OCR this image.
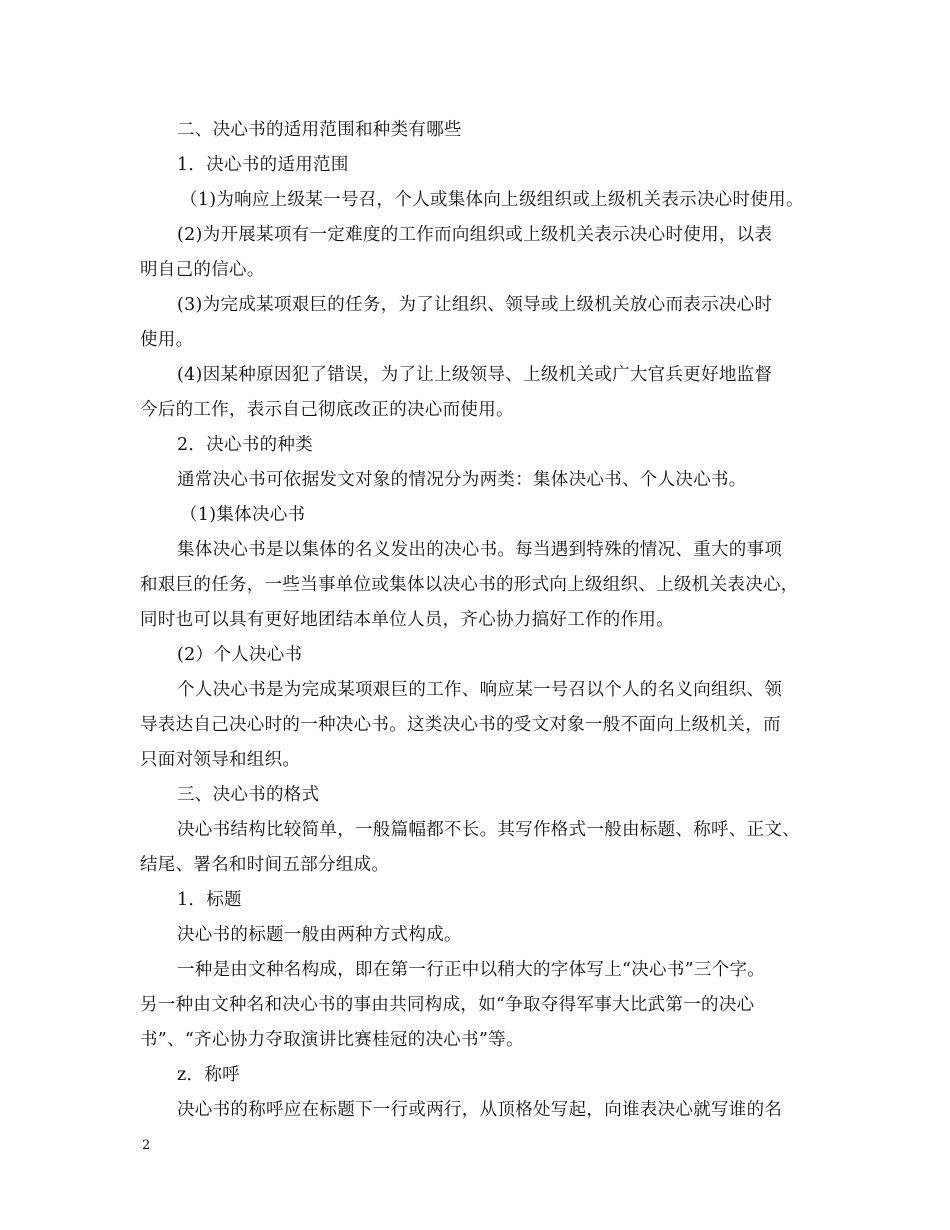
二、决心书的适用范围和种类有哪些
1．决心书的适用范围
（1)为响应上级某一号召，个人或集体向上级组织或上级机关表示决心时使用。
(2)为开展某项有一定难度的工作而向组织或上级机关表示决心时使用，以表
明自己的信心。
(3)为完成某项艰巨的任务，为了让组织、领导或上级机关放心而表示决心时
使用。
(4)因某种原因犯了错误，为了让上级领导、上级机关或广大官兵更好地监督
今后的工作，表示自己彻底改正的决心而使用。
2．决心书的种类
通常决心书可依据发文对象的情况分为两类：集体决心书、个人决心书。
（1)集体决心书
集体决心书是以集体的名义发出的决心书。每当遇到特殊的情况、重大的事项
和艰巨的任务，一些当事单位或集体以决心书的形式向上级组织、上级机关表决心，
同时也可以具有更好地团结本单位人员，齐心协力搞好工作的作用。
(2）个人决心书
个人决心书是为完成某项艰巨的工作、响应某一号召以个人的名义向组织、领
导表达自己决心时的一种决心书。这类决心书的受文对象一般不面向上级机关，而
只面对领导和组织。
三、决心书的格式
决心书结构比较简单，一般篇幅都不长。其写作格式一般由标题、称呼、正文、
结尾、署名和时间五部分组成。
1．标题
决心书的标题一般由两种方式构成。
一种是由文种名构成，即在第一行正中以稍大的字体写上“决心书”三个字。
另一种由文种名和决心书的事由共同构成，如“争取夺得军事大比武第一的决心
书”、“齐心协力夺取演讲比赛桂冠的决心书”等。
z．称呼
决心书的称呼应在标题下一行或两行，从顶格处写起，向谁表决心就写谁的名
2
